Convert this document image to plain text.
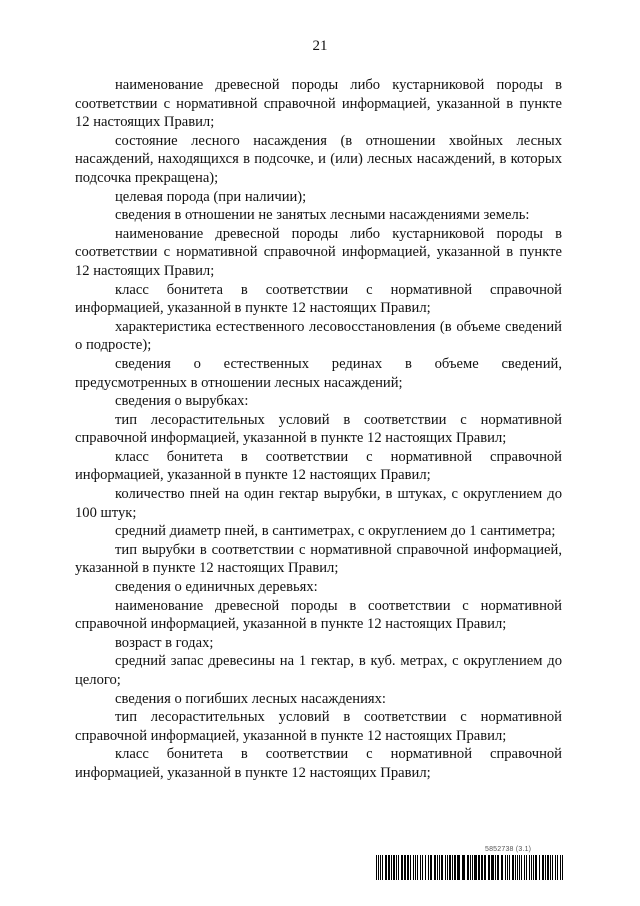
21

наименование древесной породы либо кустарниковой породы в соответствии с нормативной справочной информацией, указанной в пункте 12 настоящих Правил;

состояние лесного насаждения (в отношении хвойных лесных насаждений, находящихся в подсочке, и (или) лесных насаждений, в которых подсочка прекращена);

целевая порода (при наличии);

сведения в отношении не занятых лесными насаждениями земель:

наименование древесной породы либо кустарниковой породы в соответствии с нормативной справочной информацией, указанной в пункте 12 настоящих Правил;

класс бонитета в соответствии с нормативной справочной информацией, указанной в пункте 12 настоящих Правил;

характеристика естественного лесовосстановления (в объеме сведений о подросте);

сведения о естественных рединах в объеме сведений, предусмотренных в отношении лесных насаждений;

сведения о вырубках:

тип лесорастительных условий в соответствии с нормативной справочной информацией, указанной в пункте 12 настоящих Правил;

класс бонитета в соответствии с нормативной справочной информацией, указанной в пункте 12 настоящих Правил;

количество пней на один гектар вырубки, в штуках, с округлением до 100 штук;

средний диаметр пней, в сантиметрах, с округлением до 1 сантиметра;

тип вырубки в соответствии с нормативной справочной информацией, указанной в пункте 12 настоящих Правил;

сведения о единичных деревьях:

наименование древесной породы в соответствии с нормативной справочной информацией, указанной в пункте 12 настоящих Правил;

возраст в годах;

средний запас древесины на 1 гектар, в куб. метрах, с округлением до целого;

сведения о погибших лесных насаждениях:

тип лесорастительных условий в соответствии с нормативной справочной информацией, указанной в пункте 12 настоящих Правил;

класс бонитета в соответствии с нормативной справочной информацией, указанной в пункте 12 настоящих Правил;

5852738 (3.1)
